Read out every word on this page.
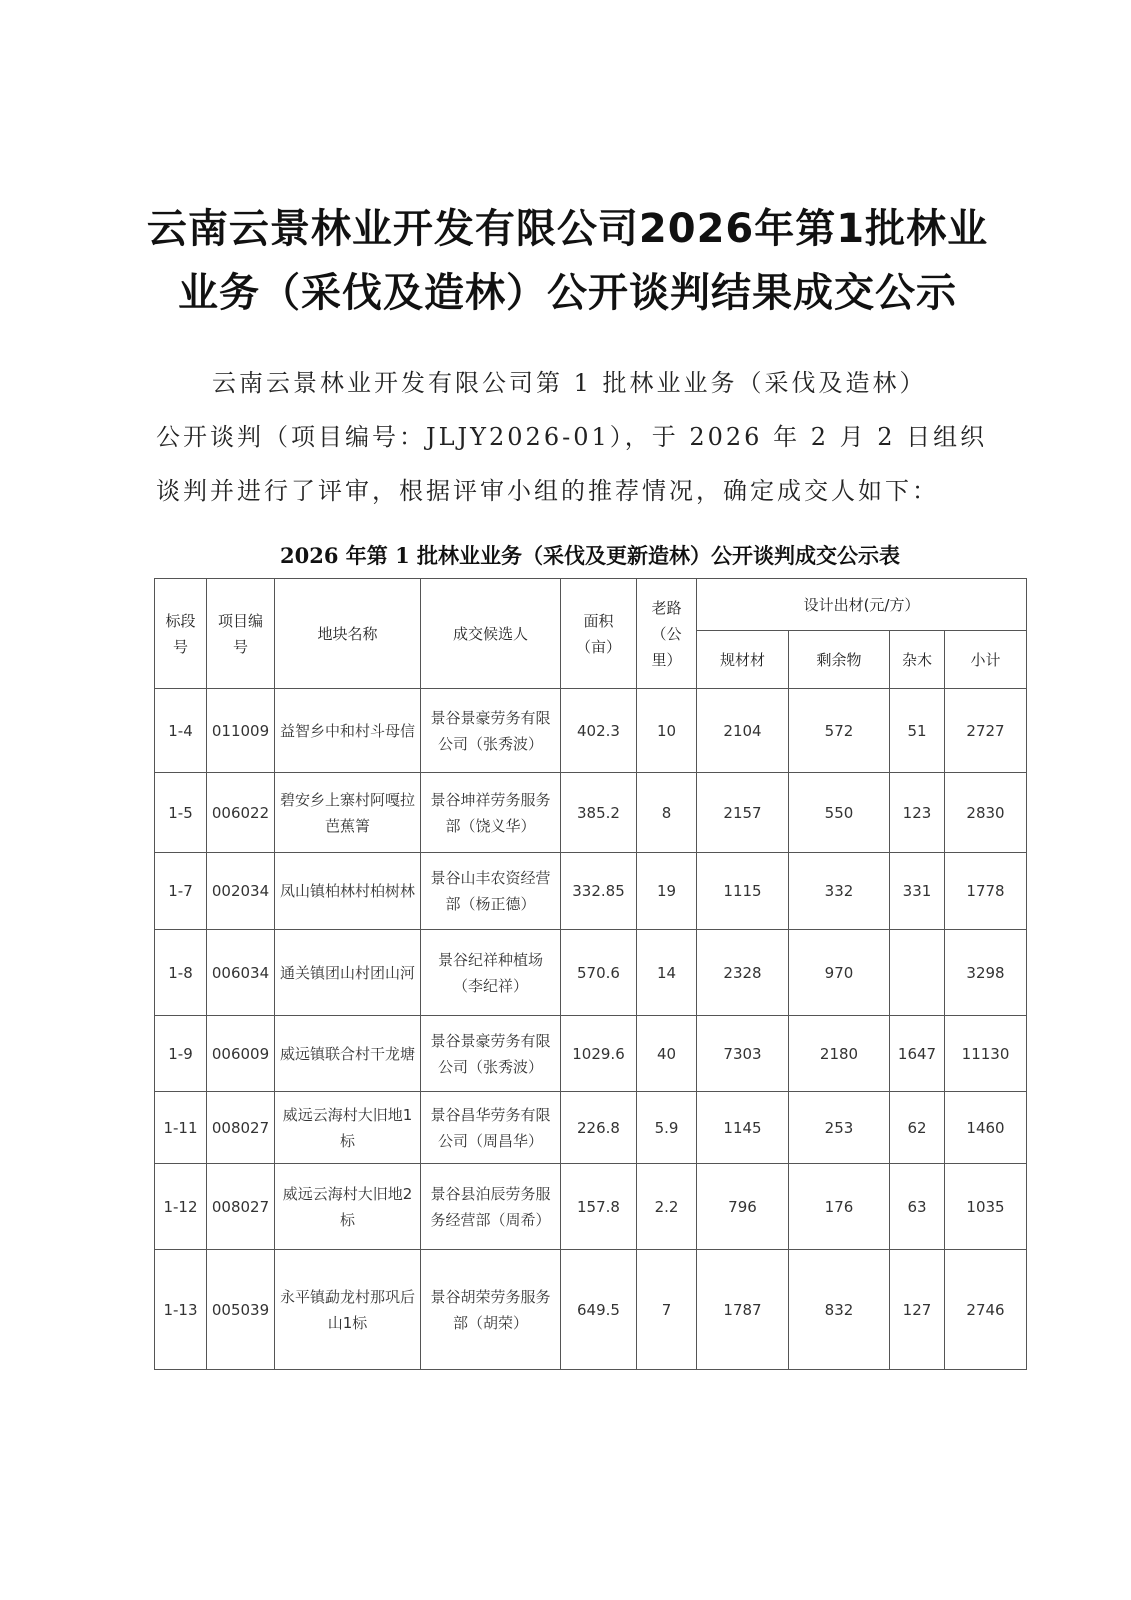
云南云景林业开发有限公司2026年第1批林业
业务（采伐及造林）公开谈判结果成交公示
云南云景林业开发有限公司第 1 批林业业务（采伐及造林）
公开谈判（项目编号：JLJY2026-01），于 2026 年 2 月 2 日组织
谈判并进行了评审，根据评审小组的推荐情况，确定成交人如下：
2026 年第 1 批林业业务（采伐及更新造林）公开谈判成交公示表
标段号	项目编号	地块名称	成交候选人	面积（亩）	老路（公里）	设计出材(元/方）			
						规材材	剩余物	杂木	小计
1-4	011009	益智乡中和村斗母信	景谷景豪劳务有限公司（张秀波）	402.3	10	2104	572	51	2727
1-5	006022	碧安乡上寨村阿嘎拉芭蕉箐	景谷坤祥劳务服务部（饶义华）	385.2	8	2157	550	123	2830
1-7	002034	凤山镇柏林村柏树林	景谷山丰农资经营部（杨正德）	332.85	19	1115	332	331	1778
1-8	006034	通关镇团山村团山河	景谷纪祥种植场（李纪祥）	570.6	14	2328	970		3298
1-9	006009	威远镇联合村干龙塘	景谷景豪劳务有限公司（张秀波）	1029.6	40	7303	2180	1647	11130
1-11	008027	威远云海村大旧地1标	景谷昌华劳务有限公司（周昌华）	226.8	5.9	1145	253	62	1460
1-12	008027	威远云海村大旧地2标	景谷县泊辰劳务服务经营部（周希）	157.8	2.2	796	176	63	1035
1-13	005039	永平镇勐龙村那巩后山1标	景谷胡荣劳务服务部（胡荣）	649.5	7	1787	832	127	2746
